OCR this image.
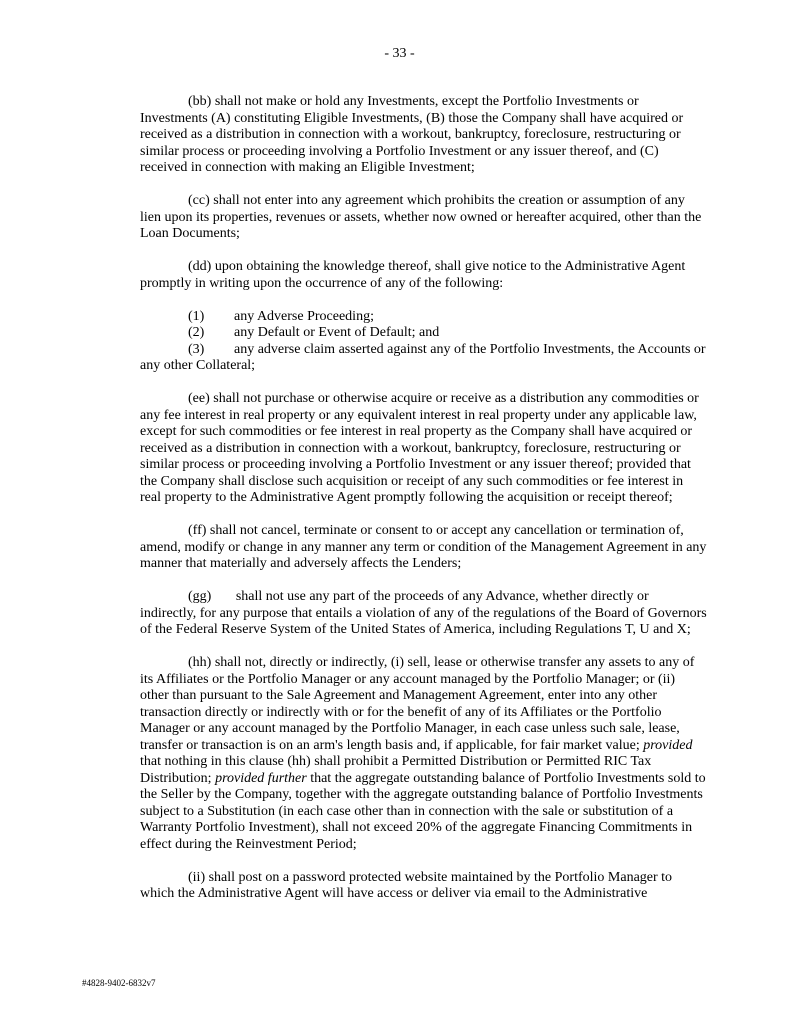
- 33 -

(bb) shall not make or hold any Investments, except the Portfolio Investments or Investments (A) constituting Eligible Investments, (B) those the Company shall have acquired or received as a distribution in connection with a workout, bankruptcy, foreclosure, restructuring or similar process or proceeding involving a Portfolio Investment or any issuer thereof, and (C) received in connection with making an Eligible Investment;

(cc) shall not enter into any agreement which prohibits the creation or assumption of any lien upon its properties, revenues or assets, whether now owned or hereafter acquired, other than the Loan Documents;

(dd) upon obtaining the knowledge thereof, shall give notice to the Administrative Agent promptly in writing upon the occurrence of any of the following:

(1) any Adverse Proceeding;

(2) any Default or Event of Default; and

(3) any adverse claim asserted against any of the Portfolio Investments, the Accounts or any other Collateral;

(ee) shall not purchase or otherwise acquire or receive as a distribution any commodities or any fee interest in real property or any equivalent interest in real property under any applicable law, except for such commodities or fee interest in real property as the Company shall have acquired or received as a distribution in connection with a workout, bankruptcy, foreclosure, restructuring or similar process or proceeding involving a Portfolio Investment or any issuer thereof; provided that the Company shall disclose such acquisition or receipt of any such commodities or fee interest in real property to the Administrative Agent promptly following the acquisition or receipt thereof;

(ff) shall not cancel, terminate or consent to or accept any cancellation or termination of, amend, modify or change in any manner any term or condition of the Management Agreement in any manner that materially and adversely affects the Lenders;

(gg)       shall not use any part of the proceeds of any Advance, whether directly or indirectly, for any purpose that entails a violation of any of the regulations of the Board of Governors of the Federal Reserve System of the United States of America, including Regulations T, U and X;

(hh) shall not, directly or indirectly, (i) sell, lease or otherwise transfer any assets to any of its Affiliates or the Portfolio Manager or any account managed by the Portfolio Manager; or (ii) other than pursuant to the Sale Agreement and Management Agreement, enter into any other transaction directly or indirectly with or for the benefit of any of its Affiliates or the Portfolio Manager or any account managed by the Portfolio Manager, in each case unless such sale, lease, transfer or transaction is on an arm's length basis and, if applicable, for fair market value; provided that nothing in this clause (hh) shall prohibit a Permitted Distribution or Permitted RIC Tax Distribution; provided further that the aggregate outstanding balance of Portfolio Investments sold to the Seller by the Company, together with the aggregate outstanding balance of Portfolio Investments subject to a Substitution (in each case other than in connection with the sale or substitution of a Warranty Portfolio Investment), shall not exceed 20% of the aggregate Financing Commitments in effect during the Reinvestment Period;

(ii) shall post on a password protected website maintained by the Portfolio Manager to which the Administrative Agent will have access or deliver via email to the Administrative

#4828-9402-6832v7
